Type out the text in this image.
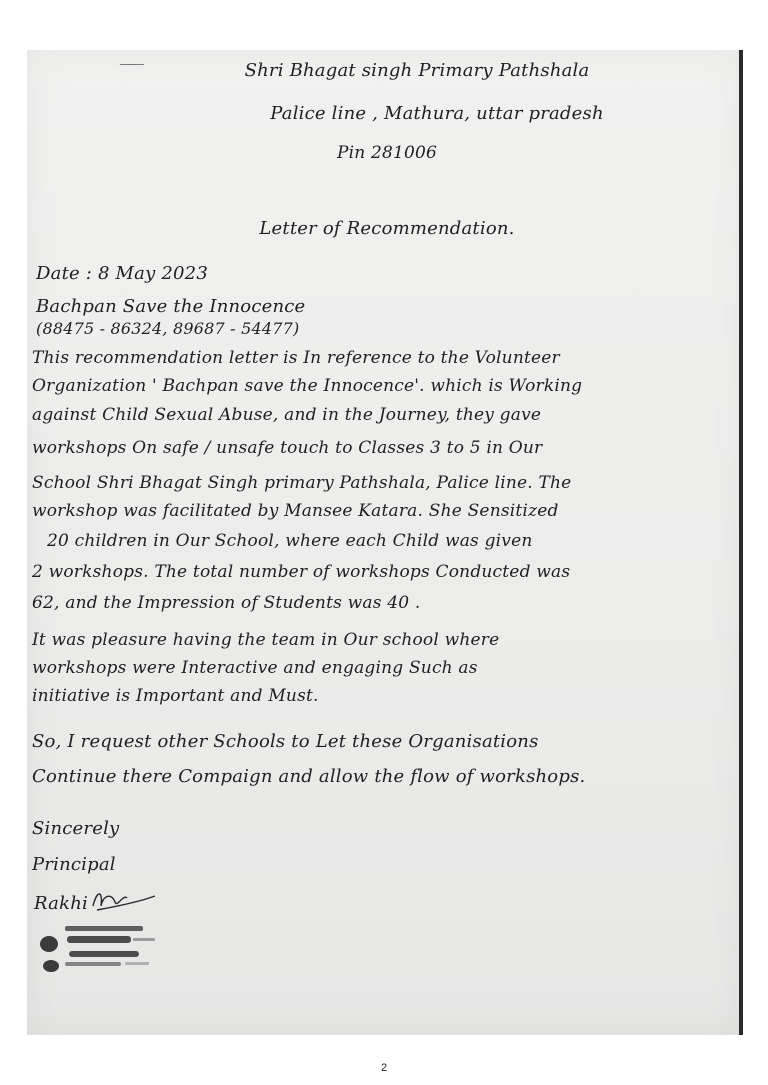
Shri Bhagat singh Primary Pathshala
Palice line , Mathura, uttar pradesh
Pin 281006
Letter of Recommendation.
Date : 8 May 2023
Bachpan Save the Innocence
(88475 - 86324, 89687 - 54477)
This recommendation letter is In reference to the Volunteer
Organization ' Bachpan save the Innocence'. which is Working
against Child Sexual Abuse, and in the Journey, they gave
workshops On safe / unsafe touch to Classes 3 to 5 in Our
School Shri Bhagat Singh primary Pathshala, Palice line. The
workshop was facilitated by Mansee Katara. She Sensitized
20 children in Our School, where each Child was given
2 workshops. The total number of workshops Conducted was
62, and the Impression of Students was 40 .
It was pleasure having the team in Our school where
workshops were Interactive and engaging Such as
initiative is Important and Must.
So, I request other Schools to Let these Organisations
Continue there Compaign and allow the flow of workshops.
Sincerely
Principal
Rakhi
2
